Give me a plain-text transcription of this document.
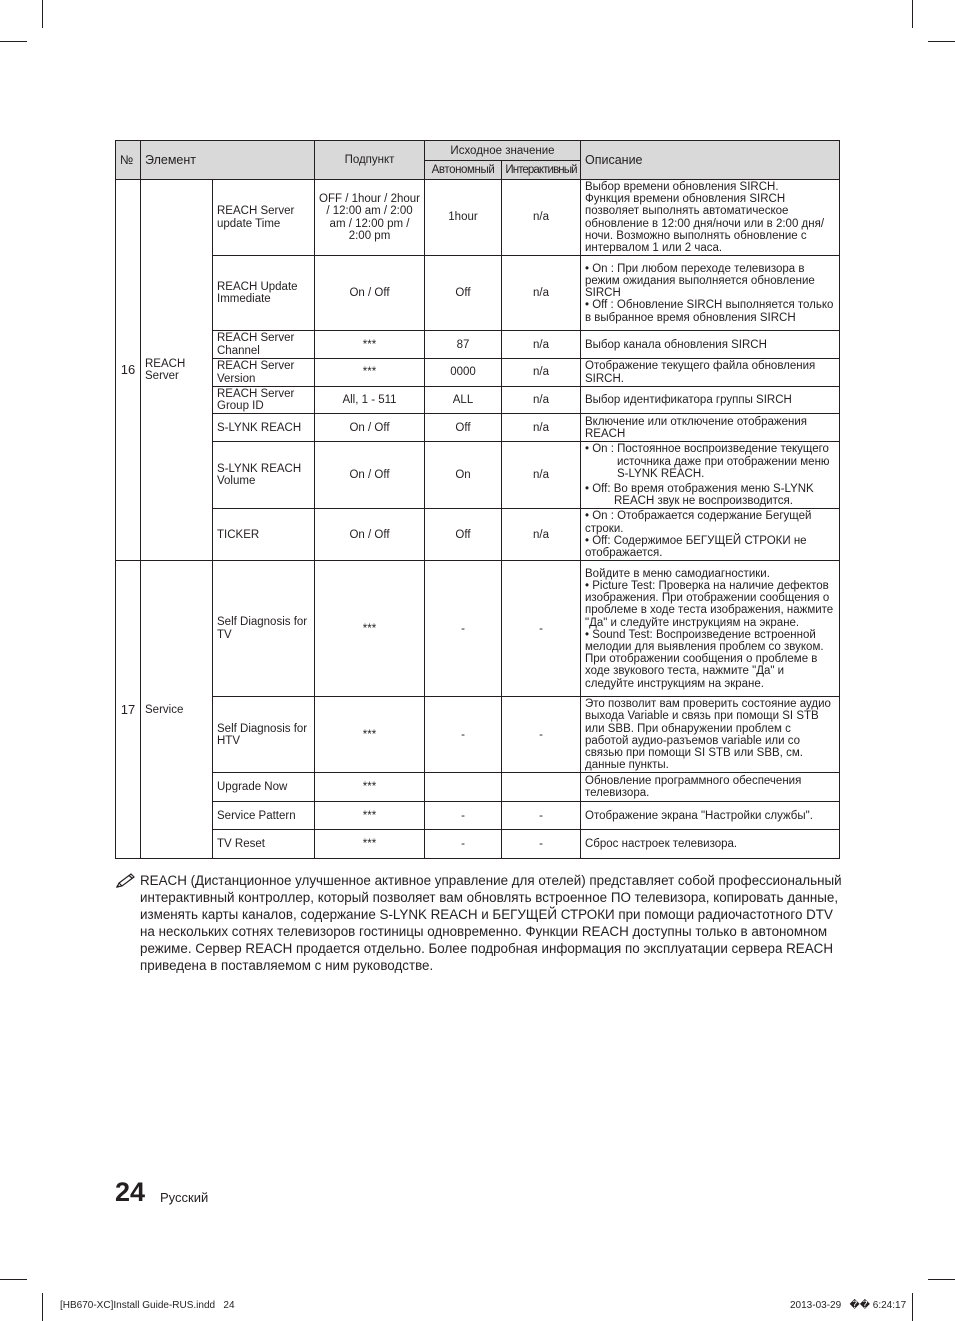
№	Элемент		Подпункт	Исходное значение		Описание
				Автономный	Интерактивный	
16	REACH Server	REACH Server update Time	OFF / 1hour / 2hour / 12:00 am / 2:00 am / 12:00 pm / 2:00 pm	1hour	n/a	Выбор времени обновления SIRCH.
Функция времени обновления SIRCH позволяет выполнять автоматическое обновление в 12:00 дня/ночи или в 2:00 дня/ночи. Возможно выполнять обновление с интервалом 1 или 2 часа.
		REACH Update Immediate	On / Off	Off	n/a	• On : При любом переходе телевизора в режим ожидания выполняется обновление SIRCH
• Off : Обновление SIRCH выполняется только в выбранное время обновления SIRCH
		REACH Server Channel	***	87	n/a	Выбор канала обновления SIRCH
		REACH Server Version	***	0000	n/a	Отображение текущего файла обновления SIRCH.
		REACH Server Group ID	All, 1 - 511	ALL	n/a	Выбор идентификатора группы SIRCH
		S-LYNK REACH	On / Off	Off	n/a	Включение или отключение отображения REACH
		S-LYNK REACH Volume	On / Off	On	n/a	• On : Постоянное воспроизведение текущего
источника даже при отображении меню S-LYNK REACH.
• Off: Во время отображения меню S-LYNK
REACH звук не воспроизводится.

		TICKER	On / Off	Off	n/a	• On : Отображается содержание Бегущей строки.
• Off: Содержимое БЕГУЩЕЙ СТРОКИ не отображается.
17	Service	Self Diagnosis for TV	***	-	-	Войдите в меню самодиагностики.
• Picture Test: Проверка на наличие дефектов изображения. При отображении сообщения о проблеме в ходе теста изображения, нажмите "Да" и следуйте инструкциям на экране.
• Sound Test: Воспроизведение встроенной мелодии для выявления проблем со звуком. При отображении сообщения о проблеме в ходе звукового теста, нажмите "Да" и следуйте инструкциям на экране.
		Self Diagnosis for HTV	***	-	-	Это позволит вам проверить состояние аудио выхода Variable и связь при помощи SI STB или SBB. При обнаружении проблем с работой аудио-разъемов variable или со связью при помощи SI STB или SBB, см. данные пункты.
		Upgrade Now	***			Обновление программного обеспечения телевизора.
		Service Pattern	***	-	-	Отображение экрана "Настройки службы".
		TV Reset	***	-	-	Сброс настроек телевизора.
REACH (Дистанционное улучшенное активное управление для отелей) представляет собой профессиональный интерактивный контроллер, который позволяет вам обновлять встроенное ПО телевизора, копировать данные, изменять карты каналов, содержание S-LYNK REACH и БЕГУЩЕЙ СТРОКИ при помощи радиочастотного DTV на нескольких сотнях телевизоров гостиницы одновременно. Функции REACH доступны только в автономном режиме. Сервер REACH продается отдельно. Более подробная информация по эксплуатации сервера REACH приведена в поставляемом с ним руководстве.
24 Русский
[HB670-XC]Install Guide-RUS.indd   24	2013-03-29   �� 6:24:17
